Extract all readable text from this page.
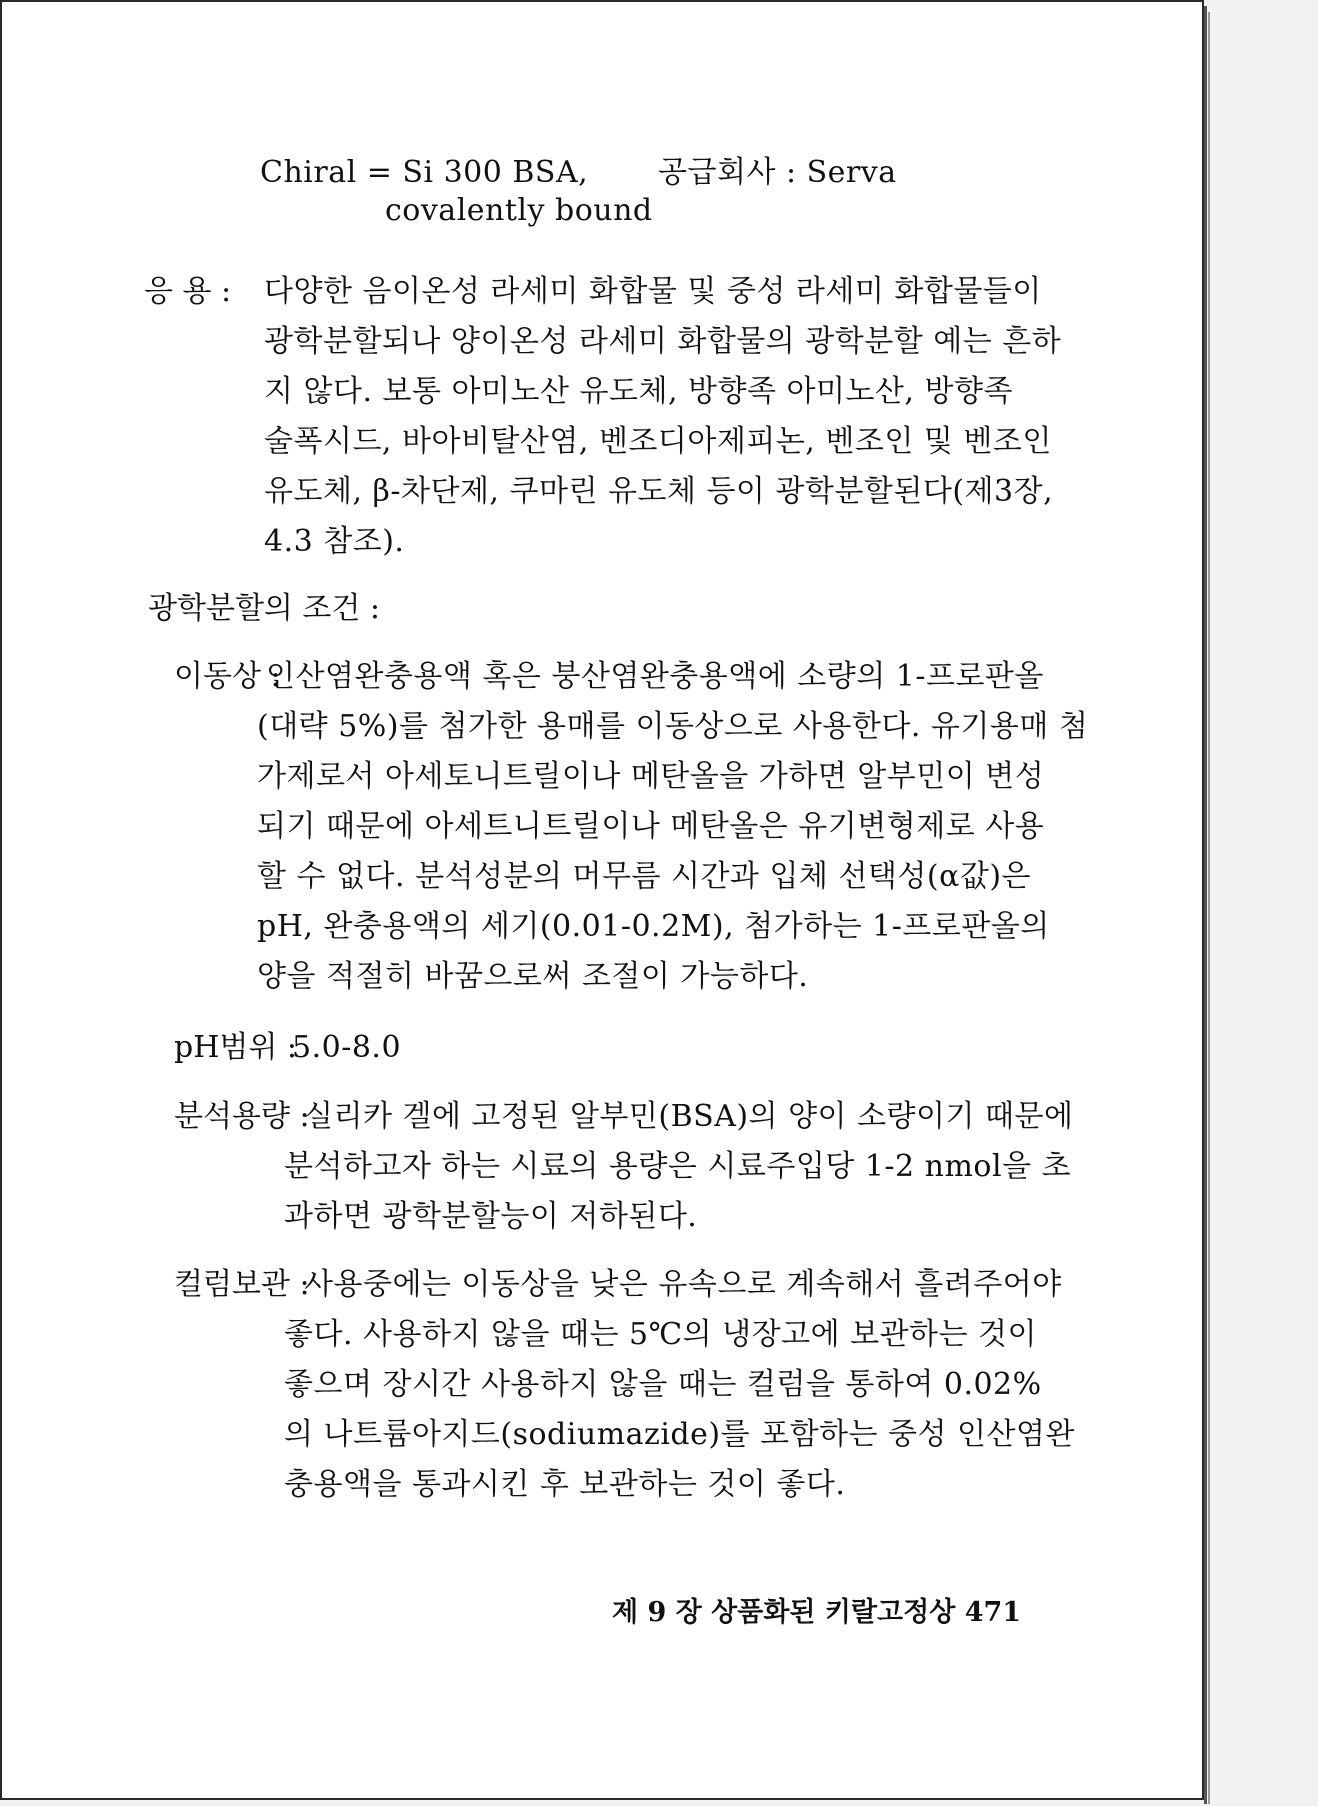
Chiral = Si 300 BSA,
covalently bound
공급회사 : Serva
응 용 : 다양한 음이온성 라세미 화합물 및 중성 라세미 화합물들이
광학분할되나 양이온성 라세미 화합물의 광학분할 예는 흔하
지 않다. 보통 아미노산 유도체, 방향족 아미노산, 방향족
술폭시드, 바아비탈산염, 벤조디아제피논, 벤조인 및 벤조인
유도체, β-차단제, 쿠마린 유도체 등이 광학분할된다(제3장,
4.3 참조).
광학분할의 조건 :
이동상 :
인산염완충용액 혹은 붕산염완충용액에 소량의 1-프로판올
(대략 5%)를 첨가한 용매를 이동상으로 사용한다. 유기용매 첨
가제로서 아세토니트릴이나 메탄올을 가하면 알부민이 변성
되기 때문에 아세트니트릴이나 메탄올은 유기변형제로 사용
할 수 없다. 분석성분의 머무름 시간과 입체 선택성(α값)은
pH, 완충용액의 세기(0.01-0.2M), 첨가하는 1-프로판올의
양을 적절히 바꿈으로써 조절이 가능하다.
pH범위 :
5.0-8.0
분석용량 :
실리카 겔에 고정된 알부민(BSA)의 양이 소량이기 때문에
분석하고자 하는 시료의 용량은 시료주입당 1-2 nmol을 초
과하면 광학분할능이 저하된다.
컬럼보관 :
사용중에는 이동상을 낮은 유속으로 계속해서 흘려주어야
좋다. 사용하지 않을 때는 5℃의 냉장고에 보관하는 것이
좋으며 장시간 사용하지 않을 때는 컬럼을 통하여 0.02%
의 나트륨아지드(sodiumazide)를 포함하는 중성 인산염완
충용액을 통과시킨 후 보관하는 것이 좋다.
제 9 장 상품화된 키랄고정상 471
